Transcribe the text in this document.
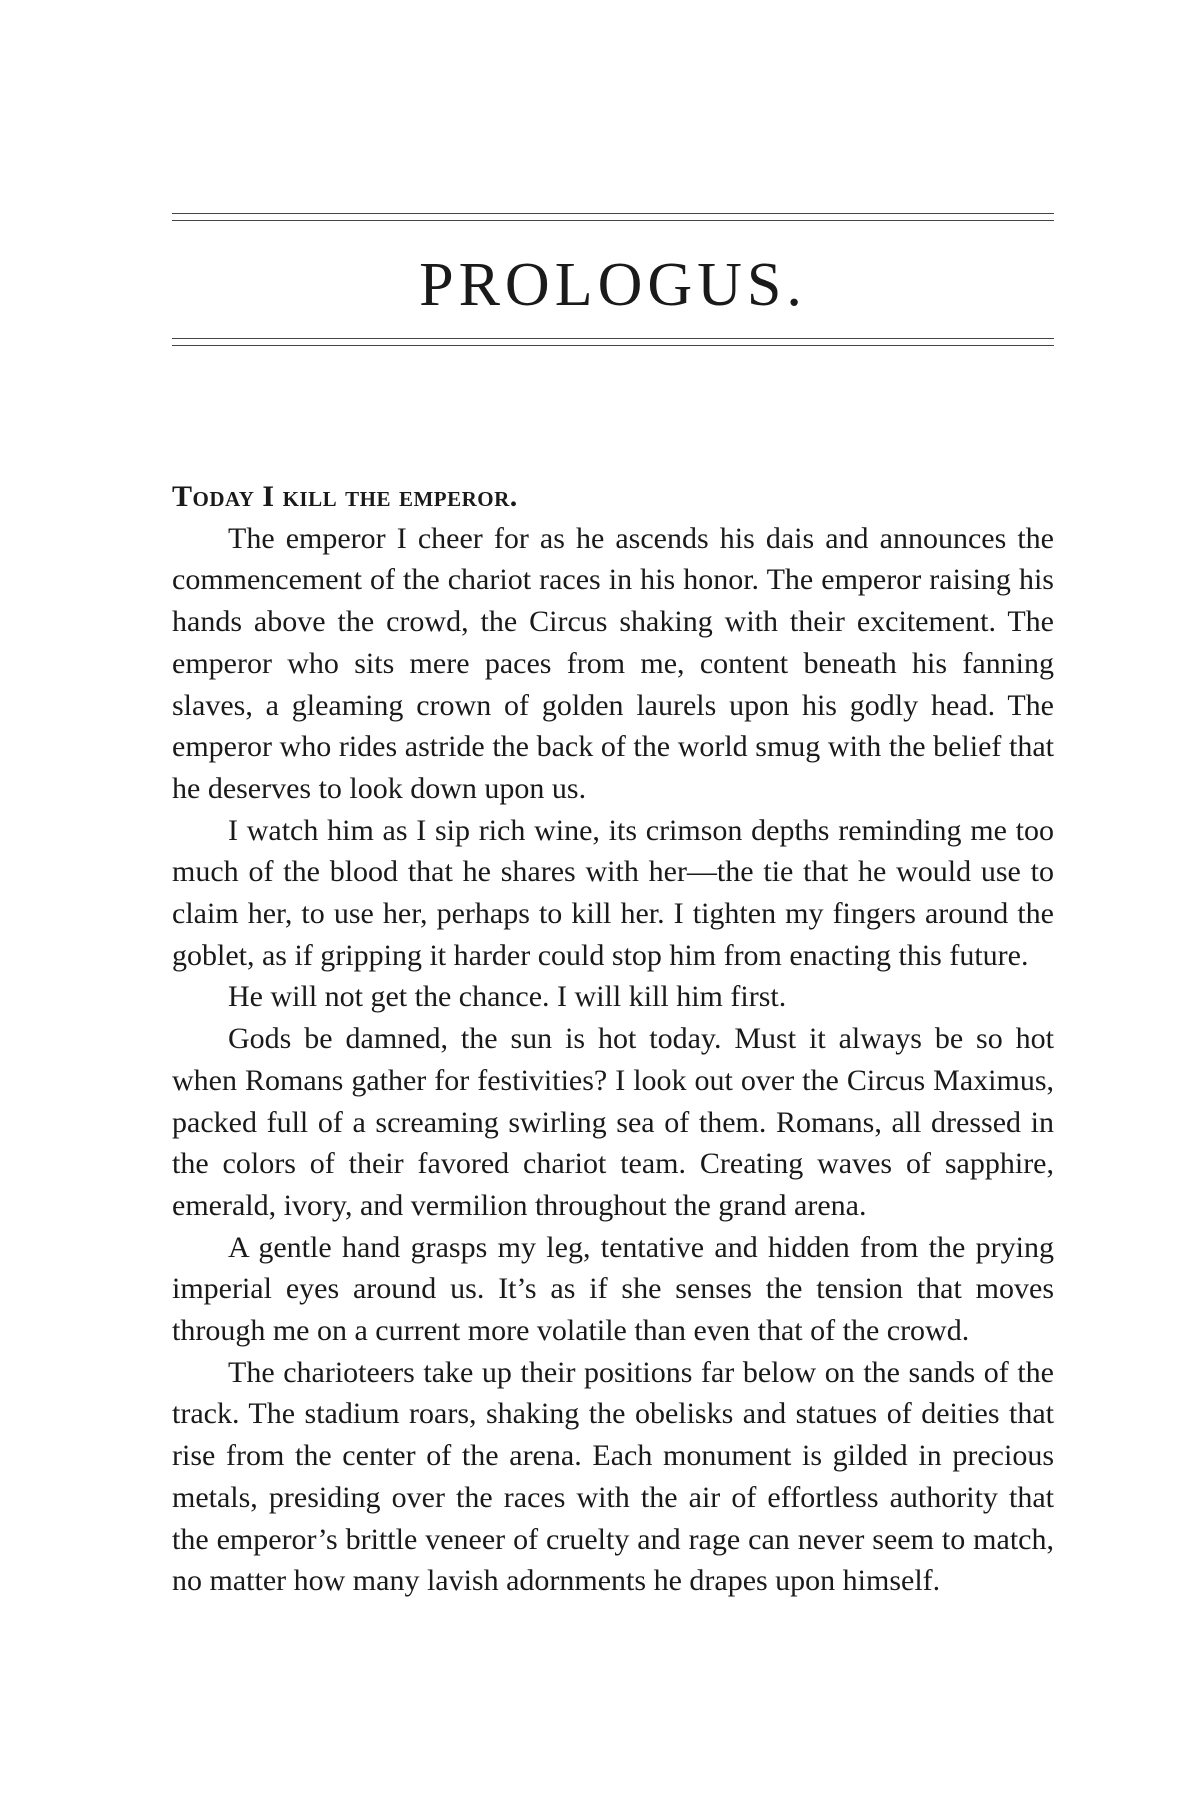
PROLOGUS.

Today I kill the emperor.

The emperor I cheer for as he ascends his dais and announces the commencement of the chariot races in his honor. The emperor raising his hands above the crowd, the Circus shaking with their excitement. The emperor who sits mere paces from me, content beneath his fanning slaves, a gleaming crown of golden laurels upon his godly head. The emperor who rides astride the back of the world smug with the belief that he deserves to look down upon us.

I watch him as I sip rich wine, its crimson depths reminding me too much of the blood that he shares with her—the tie that he would use to claim her, to use her, perhaps to kill her. I tighten my fingers around the goblet, as if gripping it harder could stop him from enacting this future.

He will not get the chance. I will kill him first.

Gods be damned, the sun is hot today. Must it always be so hot when Romans gather for festivities? I look out over the Circus Maximus, packed full of a screaming swirling sea of them. Romans, all dressed in the colors of their favored chariot team. Creating waves of sapphire, emerald, ivory, and vermilion throughout the grand arena.

A gentle hand grasps my leg, tentative and hidden from the prying imperial eyes around us. It’s as if she senses the tension that moves through me on a current more volatile than even that of the crowd.

The charioteers take up their positions far below on the sands of the track. The stadium roars, shaking the obelisks and statues of deities that rise from the center of the arena. Each monument is gilded in precious metals, presiding over the races with the air of effortless authority that the emperor’s brittle veneer of cruelty and rage can never seem to match, no matter how many lavish adornments he drapes upon himself.
